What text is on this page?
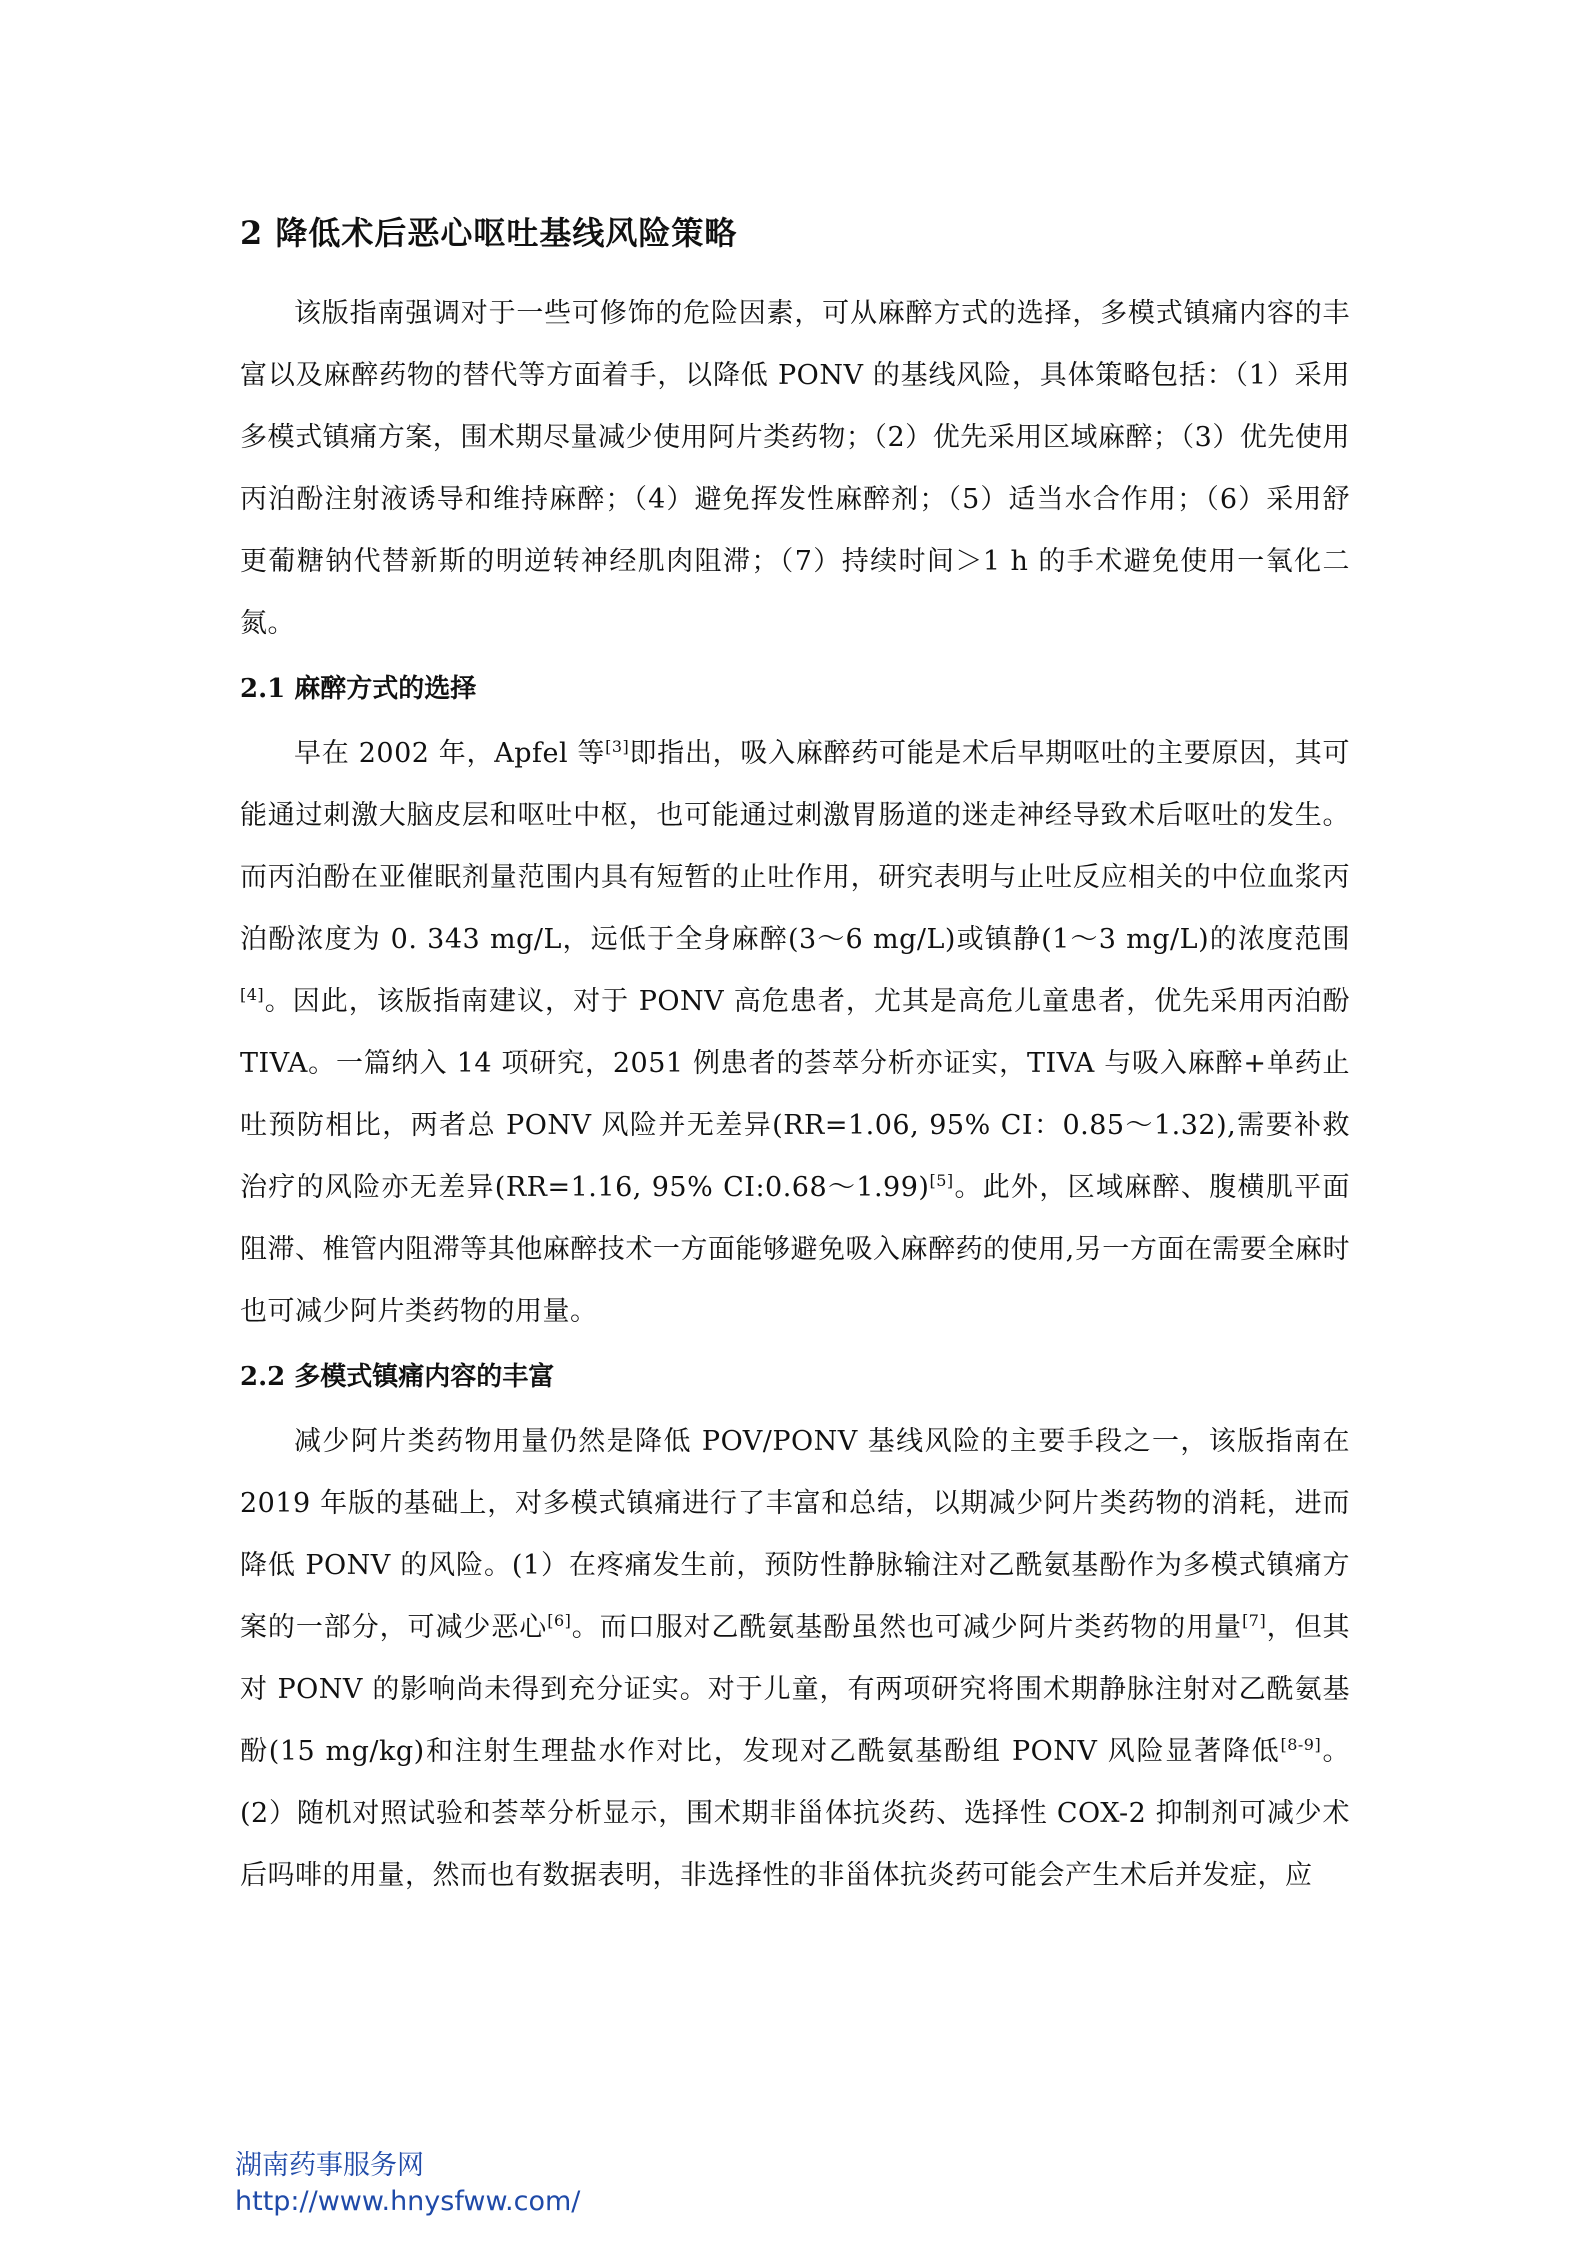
2 降低术后恶心呕吐基线风险策略

该版指南强调对于一些可修饰的危险因素，可从麻醉方式的选择，多模式镇痛内容的丰富以及麻醉药物的替代等方面着手，以降低 PONV 的基线风险，具体策略包括：（1）采用多模式镇痛方案，围术期尽量减少使用阿片类药物；（2）优先采用区域麻醉；（3）优先使用丙泊酚注射液诱导和维持麻醉；（4）避免挥发性麻醉剂；（5）适当水合作用；（6）采用舒更葡糖钠代替新斯的明逆转神经肌肉阻滞；（7）持续时间＞1 h 的手术避免使用一氧化二氮。

2.1 麻醉方式的选择

早在 2002 年，Apfel 等[3]即指出，吸入麻醉药可能是术后早期呕吐的主要原因，其可能通过刺激大脑皮层和呕吐中枢，也可能通过刺激胃肠道的迷走神经导致术后呕吐的发生。而丙泊酚在亚催眠剂量范围内具有短暂的止吐作用，研究表明与止吐反应相关的中位血浆丙泊酚浓度为 0. 343 mg/L，远低于全身麻醉(3～6 mg/L)或镇静(1～3 mg/L)的浓度范围[4]。因此，该版指南建议，对于 PONV 高危患者，尤其是高危儿童患者，优先采用丙泊酚 TIVA。一篇纳入 14 项研究，2051 例患者的荟萃分析亦证实，TIVA 与吸入麻醉+单药止吐预防相比，两者总 PONV 风险并无差异(RR=1.06, 95% CI：0.85～1.32),需要补救治疗的风险亦无差异(RR=1.16, 95% CI:0.68～1.99)[5]。此外，区域麻醉、腹横肌平面阻滞、椎管内阻滞等其他麻醉技术一方面能够避免吸入麻醉药的使用,另一方面在需要全麻时也可减少阿片类药物的用量。

2.2 多模式镇痛内容的丰富

减少阿片类药物用量仍然是降低 POV/PONV 基线风险的主要手段之一，该版指南在 2019 年版的基础上，对多模式镇痛进行了丰富和总结，以期减少阿片类药物的消耗，进而降低 PONV 的风险。(1）在疼痛发生前，预防性静脉输注对乙酰氨基酚作为多模式镇痛方案的一部分，可减少恶心[6]。而口服对乙酰氨基酚虽然也可减少阿片类药物的用量[7]，但其对 PONV 的影响尚未得到充分证实。对于儿童，有两项研究将围术期静脉注射对乙酰氨基酚(15 mg/kg)和注射生理盐水作对比，发现对乙酰氨基酚组 PONV 风险显著降低[8-9]。(2）随机对照试验和荟萃分析显示，围术期非甾体抗炎药、选择性 COX-2 抑制剂可减少术后吗啡的用量，然而也有数据表明，非选择性的非甾体抗炎药可能会产生术后并发症，应

湖南药事服务网
http://www.hnysfww.com/
